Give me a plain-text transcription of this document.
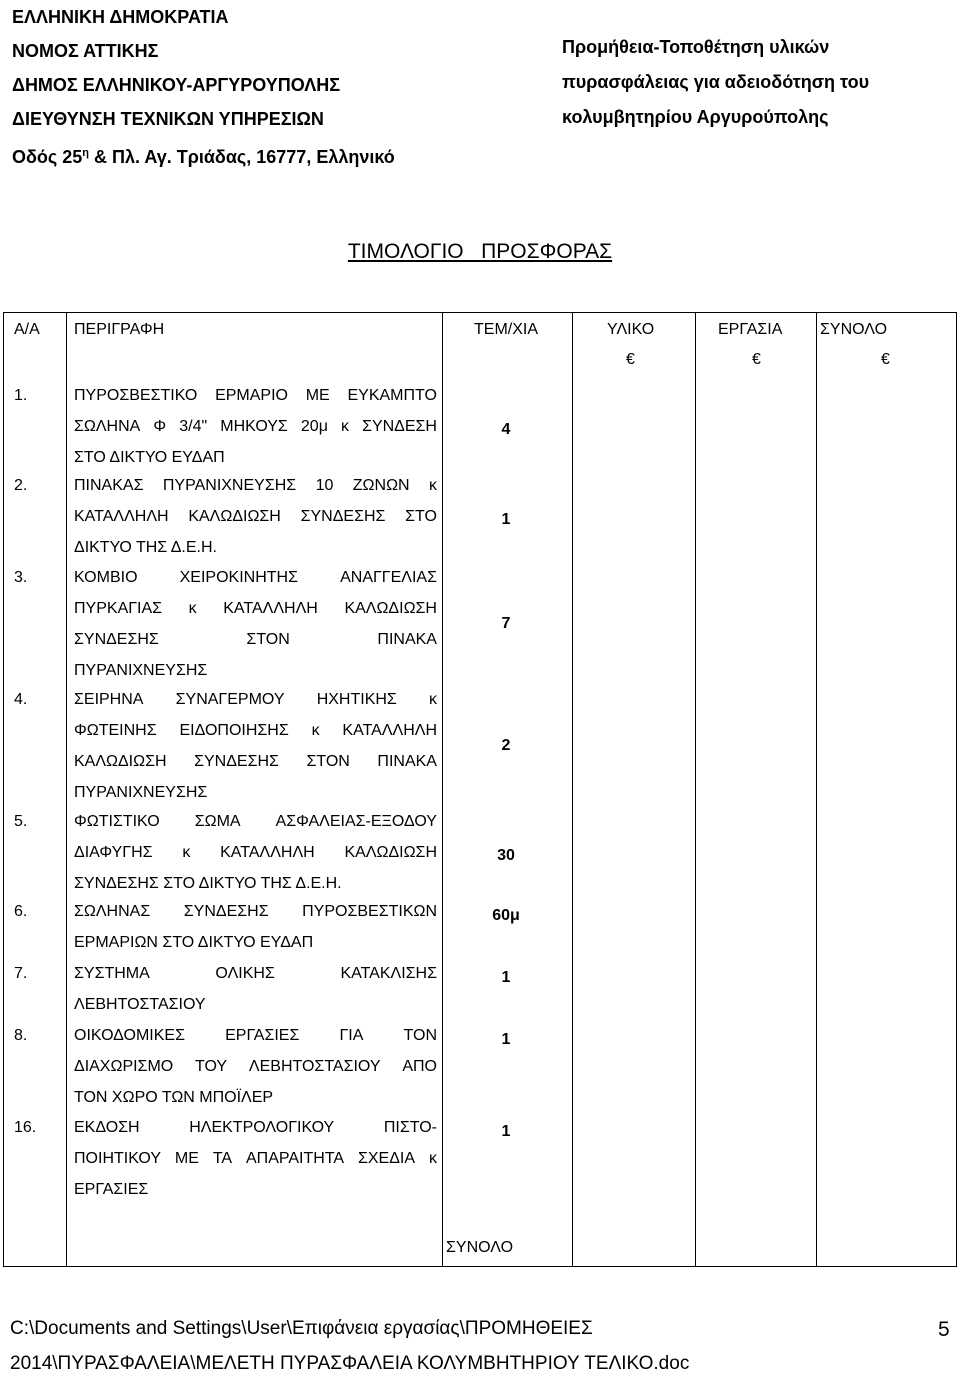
ΕΛΛΗΝΙΚΗ ΔΗΜΟΚΡΑΤΙΑ
ΝΟΜΟΣ ΑΤΤΙΚΗΣ
ΔΗΜΟΣ ΕΛΛΗΝΙΚΟΥ-ΑΡΓΥΡΟΥΠΟΛΗΣ
ΔΙΕΥΘΥΝΣΗ ΤΕΧΝΙΚΩΝ ΥΠΗΡΕΣΙΩΝ
Οδός $25^\eta$ & Πλ. Αγ. Τριάδας, 16777, Ελληνικό
Προμήθεια-Τοποθέτηση υλικών
πυρασφάλειας για αδειοδότηση του
κολυμβητηρίου Αργυρούπολης
ΤΙΜΟΛΟΓΙΟ   ΠΡΟΣΦΟΡΑΣ
Α/Α ΠΕΡΙΓΡΑΦΗ	ΤΕΜ/ΧΙΑ	ΥΛΙΚΟ	ΕΡΓΑΣΙΑ ΣΥΝΟΛΟ
€	€	€
1.	ΠΥΡΟΣΒΕΣΤΙΚΟ ΕΡΜΑΡΙΟ ΜΕ ΕΥΚΑΜΠΤΟ
ΣΩΛΗΝΑ Φ 3/4" ΜΗΚΟΥΣ 20μ κ ΣΥΝΔΕΣΗ
ΣΤΟ ΔΙΚΤΥΟ ΕΥΔΑΠ
4
2.	ΠΙΝΑΚΑΣ ΠΥΡΑΝΙΧΝΕΥΣΗΣ 10 ΖΩΝΩΝ κ
ΚΑΤΑΛΛΗΛΗ ΚΑΛΩΔΙΩΣΗ ΣΥΝΔΕΣΗΣ ΣΤΟ
ΔΙΚΤΥΟ ΤΗΣ Δ.Ε.Η.
1
3.	ΚΟΜΒΙΟ	ΧΕΙΡΟΚΙΝΗΤΗΣ	ΑΝΑΓΓΕΛΙΑΣ
ΠΥΡΚΑΓΙΑΣ κ ΚΑΤΑΛΛΗΛΗ ΚΑΛΩΔΙΩΣΗ
ΣΥΝΔΕΣΗΣ	ΣΤΟΝ	ΠΙΝΑΚΑ
ΠΥΡΑΝΙΧΝΕΥΣΗΣ
7
4.	ΣΕΙΡΗΝΑ ΣΥΝΑΓΕΡΜΟΥ ΗΧΗΤΙΚΗΣ κ
ΦΩΤΕΙΝΗΣ ΕΙΔΟΠΟΙΗΣΗΣ κ ΚΑΤΑΛΛΗΛΗ
ΚΑΛΩΔΙΩΣΗ ΣΥΝΔΕΣΗΣ ΣΤΟΝ ΠΙΝΑΚΑ
ΠΥΡΑΝΙΧΝΕΥΣΗΣ
2
5.	ΦΩΤΙΣΤΙΚΟ ΣΩΜΑ ΑΣΦΑΛΕΙΑΣ-ΕΞΟΔΟΥ
ΔΙΑΦΥΓΗΣ κ ΚΑΤΑΛΛΗΛΗ ΚΑΛΩΔΙΩΣΗ
ΣΥΝΔΕΣΗΣ ΣΤΟ ΔΙΚΤΥΟ ΤΗΣ Δ.Ε.Η.
30
6.	ΣΩΛΗΝΑΣ ΣΥΝΔΕΣΗΣ ΠΥΡΟΣΒΕΣΤΙΚΩΝ
ΕΡΜΑΡΙΩΝ ΣΤΟ ΔΙΚΤΥΟ ΕΥΔΑΠ
60μ
7.	ΣΥΣΤΗΜΑ	ΟΛΙΚΗΣ	ΚΑΤΑΚΛΙΣΗΣ
ΛΕΒΗΤΟΣΤΑΣΙΟΥ
1
8.	ΟΙΚΟΔΟΜΙΚΕΣ	ΕΡΓΑΣΙΕΣ	ΓΙΑ	ΤΟΝ
ΔΙΑΧΩΡΙΣΜΟ ΤΟΥ ΛΕΒΗΤΟΣΤΑΣΙΟΥ ΑΠΟ
ΤΟΝ ΧΩΡΟ ΤΩΝ ΜΠΟΪΛΕΡ
1
16. ΕΚΔΟΣΗ	ΗΛΕΚΤΡΟΛΟΓΙΚΟΥ	ΠΙΣΤΟ-
ΠΟΙΗΤΙΚΟΥ ΜΕ ΤΑ ΑΠΑΡΑΙΤΗΤΑ ΣΧΕΔΙΑ κ
ΕΡΓΑΣΙΕΣ
1
ΣΥΝΟΛΟ
C:\Documents and Settings\User\Επιφάνεια εργασίας\ΠΡΟΜΗΘΕΙΕΣ
2014\ΠΥΡΑΣΦΑΛΕΙΑ\ΜΕΛΕΤΗ ΠΥΡΑΣΦΑΛΕΙΑ ΚΟΛΥΜΒΗΤΗΡΙΟΥ ΤΕΛΙΚΟ.doc
5
